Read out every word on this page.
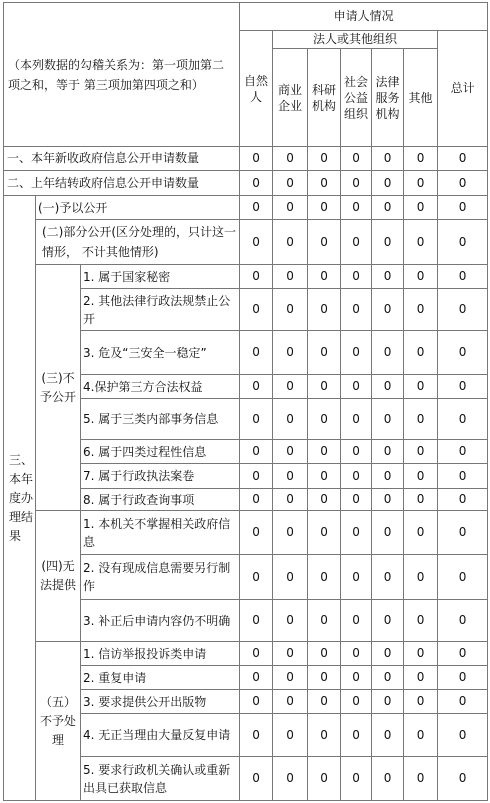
（本列数据的勾稽关系为：第一项加第二项之和，等于 第三项加第四项之和）			申请人情况						

			自然人	法人或其他组织					总计

				商业企业	科研机构	社会公益组织	法律服务机构	其他	

一、本年新收政府信息公开申请数量			0	0	0	0	0	0	0
二、上年结转政府信息公开申请数量			0	0	0	0	0	0	0
三、本年度办理结果	(一)予以公开		0	0	0	0	0	0	0
	(二)部分公开(区分处理的，只计这一情形， 不计其他情形)		0	0	0	0	0	0	0
	(三)不予公开	1. 属于国家秘密	0	0	0	0	0	0	0
		2. 其他法律行政法规禁止公开	0	0	0	0	0	0	0
		3. 危及“三安全一稳定”	0	0	0	0	0	0	0
		4.保护第三方合法权益	0	0	0	0	0	0	0
		5. 属于三类内部事务信息	0	0	0	0	0	0	0
		6. 属于四类过程性信息	0	0	0	0	0	0	0
		7. 属于行政执法案卷	0	0	0	0	0	0	0
		8. 属于行政查询事项	0	0	0	0	0	0	0
	(四)无法提供	1. 本机关不掌握相关政府信息	0	0	0	0	0	0	0
		2. 没有现成信息需要另行制作	0	0	0	0	0	0	0
		3. 补正后申请内容仍不明确	0	0	0	0	0	0	0
	（五）不予处理	1. 信访举报投诉类申请	0	0	0	0	0	0	0
		2. 重复申请	0	0	0	0	0	0	0
		3. 要求提供公开出版物	0	0	0	0	0	0	0
		4. 无正当理由大量反复申请	0	0	0	0	0	0	0
		5. 要求行政机关确认或重新出具已获取信息	0	0	0	0	0	0	0
